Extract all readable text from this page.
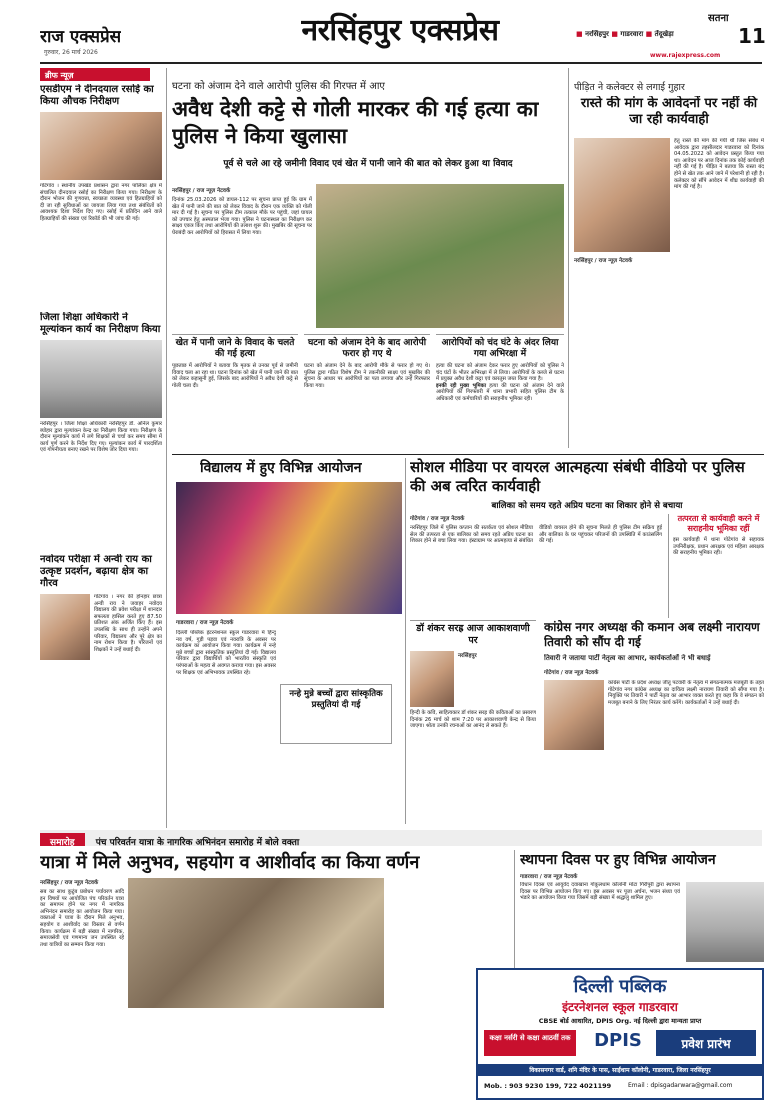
राज एक्सप्रेस
गुरुवार, 26 मार्च 2026
नरसिंहपुर एक्सप्रेस	सतना
■ नरसिंहपुर ■ गाडरवारा ■ तेंदूखेड़ा	11
www.rajexpress.com
ब्रीफ न्यूज़
एसडीएम ने दीनदयाल रसोई का किया औचक निरीक्षण
गोटेगांव । स्थानीय उपखंड प्रशासन द्वारा नगर पालिका क्षेत्र में संचालित दीनदयाल रसोई का निरीक्षण किया गया। निरीक्षण के दौरान भोजन की गुणवत्ता, स्वच्छता व्यवस्था एवं हितग्राहियों को दी जा रही सुविधाओं का जायजा लिया गया तथा संबंधितों को आवश्यक दिशा निर्देश दिए गए। रसोई में प्रतिदिन आने वाले हितग्राहियों की संख्या एवं रिकॉर्ड की भी जांच की गई।
जिला शिक्षा अधिकारी ने मूल्यांकन कार्य का निरीक्षण किया
नरसिंहपुर । जिला शिक्षा अधिकारी नरसिंहपुर डॉ. अनिल कुमार ब्योहार द्वारा मूल्यांकन केन्द्र का निरीक्षण किया गया। निरीक्षण के दौरान मूल्यांकन कार्य में लगे शिक्षकों से चर्चा कर समय सीमा में कार्य पूर्ण करने के निर्देश दिए गए। मूल्यांकन कार्य में पारदर्शिता एवं गोपनीयता बनाए रखने पर विशेष जोर दिया गया।
नवोदय परीक्षा में अन्वी राय का उत्कृष्ट प्रदर्शन, बढ़ाया क्षेत्र का गौरव
गोटेगांव । नगर की होनहार छात्रा अन्वी राय ने जवाहर नवोदय विद्यालय की प्रवेश परीक्षा में शानदार सफलता हासिल करते हुए 87.50 प्रतिशत अंक अर्जित किए हैं। इस उपलब्धि के साथ ही उन्होंने अपने परिवार, विद्यालय और पूरे क्षेत्र का नाम रोशन किया है। परिजनों एवं शिक्षकों ने उन्हें बधाई दी।
घटना को अंजाम देने वाले आरोपी पुलिस की गिरफ्त में आए
अवैध देशी कट्टे से गोली मारकर की गई हत्या का पुलिस ने किया खुलासा
पूर्व से चले आ रहे जमीनी विवाद एवं खेत में पानी जाने की बात को लेकर हुआ था विवाद
नरसिंहपुर / राज न्यूज़ नेटवर्क
दिनांक 25.03.2026 को डायल-112 पर सूचना प्राप्त हुई कि ग्राम में खेत में पानी जाने की बात को लेकर विवाद के दौरान एक व्यक्ति को गोली मार दी गई है। सूचना पर पुलिस टीम तत्काल मौके पर पहुंची, जहां घायल को उपचार हेतु अस्पताल भेजा गया। पुलिस ने घटनास्थल का निरीक्षण कर साक्ष्य एकत्र किए तथा आरोपियों की तलाश शुरू की। मुखबिर की सूचना पर घेराबंदी कर आरोपियों को हिरासत में लिया गया।
खेत में पानी जाने के विवाद के चलते की गई हत्या
पूछताछ में आरोपियों ने बताया कि मृतक से उनका पूर्व से जमीनी विवाद चला आ रहा था। घटना दिनांक को खेत में पानी जाने की बात को लेकर कहासुनी हुई, जिसके बाद आरोपियों ने अवैध देशी कट्टे से गोली चला दी।
घटना को अंजाम देने के बाद आरोपी फरार हो गए थे
घटना को अंजाम देने के बाद आरोपी मौके से फरार हो गए थे। पुलिस द्वारा गठित विशेष टीम ने तकनीकी साक्ष्य एवं मुखबिर की सूचना के आधार पर आरोपियों का पता लगाया और उन्हें गिरफ्तार किया गया।
आरोपियों को चंद घंटे के अंदर लिया गया अभिरक्षा में
हत्या की घटना को अंजाम देकर फरार हुए आरोपियों को पुलिस ने चंद घंटों के भीतर अभिरक्षा में ले लिया। आरोपियों के कब्जे से घटना में प्रयुक्त अवैध देशी कट्टा एवं कारतूस जब्त किया गया है।
इनकी रही मुख्य भूमिका हत्या की घटना को अंजाम देने वाले आरोपियों की गिरफ्तारी में थाना प्रभारी सहित पुलिस टीम के अधिकारी एवं कर्मचारियों की सराहनीय भूमिका रही।
पीड़ित ने कलेक्टर से लगाई गुहार
रास्ते की मांग के आवेदनों पर नहीं की जा रही कार्यवाही
नरसिंहपुर / राज न्यूज़ नेटवर्क
हेतु रास्ते की मांग की गयी थी जिस संबंध में आवेदक द्वारा तहसीलदार गाडरवारा को दिनांक 04.05.2022 को आवेदन प्रस्तुत किया गया था। आवेदन पर आज दिनांक तक कोई कार्यवाही नहीं की गई है। पीड़ित ने बताया कि रास्ता बंद होने से खेत तक आने जाने में परेशानी हो रही है। कलेक्टर को सौंपे आवेदन में शीघ्र कार्यवाही की मांग की गई है।
विद्यालय में हुए विभिन्न आयोजन
गाडरवारा / राज न्यूज़ नेटवर्क
दिल्ली पब्लिक इंटरनेशनल स्कूल गाडरवारा में हिन्दू नव वर्ष, गुड़ी पड़वा एवं नवरात्रि के अवसर पर कार्यक्रम का आयोजन किया गया। कार्यक्रम में नन्हे मुन्ने बच्चों द्वारा सांस्कृतिक प्रस्तुतियां दी गई। विद्यालय परिवार द्वारा विद्यार्थियों को भारतीय संस्कृति एवं परंपराओं के महत्व से अवगत कराया गया। इस अवसर पर शिक्षक एवं अभिभावक उपस्थित रहे।
नन्हे मुन्ने बच्चों द्वारा सांस्कृतिक प्रस्तुतियां दी गई
सोशल मीडिया पर वायरल आत्महत्या संबंधी वीडियो पर पुलिस की अब त्वरित कार्यवाही
बालिका को समय रहते अप्रिय घटना का शिकार होने से बचाया
गोटेगांव / राज न्यूज़ नेटवर्क
नरसिंहपुर जिले में पुलिस कप्तान की सतर्कता एवं सोशल मीडिया सेल की तत्परता से एक बालिका को समय रहते अप्रिय घटना का शिकार होने से बचा लिया गया। इंस्टाग्राम पर आत्महत्या से संबंधित वीडियो वायरल होने की सूचना मिलते ही पुलिस टीम सक्रिय हुई और बालिका के घर पहुंचकर परिजनों की उपस्थिति में काउंसलिंग की गई।
तत्परता से कार्यवाही करने में सराहनीय भूमिका रहीं
इस कार्यवाही में थाना गोटेगांव से सहायक उपनिरीक्षक, प्रधान आरक्षक एवं महिला आरक्षक की सराहनीय भूमिका रही।
डॉ शंकर सरह्र आज आकाशवाणी पर
नरसिंहपुर
हिन्दी के कवि, साहित्यकार डॉ शंकर सरह्र की कविताओं का प्रसारण दिनांक 26 मार्च को शाम 7:20 पर आकाशवाणी केन्द्र से किया जाएगा। श्रोता उनकी रचनाओं का आनंद ले सकते हैं।
कांग्रेस नगर अध्यक्ष की कमान अब लक्ष्मी नारायण तिवारी को सौंप दी गई
तिवारी ने जताया पार्टी नेतृत्व का आभार, कार्यकर्ताओं ने भी बधाई
गोटेगांव / राज न्यूज़ नेटवर्क
कांग्रेस पार्टी के प्रदेश अध्यक्ष जीतू पटवारी के नेतृत्व में संगठनात्मक मजबूती के तहत गोटेगांव नगर कांग्रेस अध्यक्ष का दायित्व लक्ष्मी नारायण तिवारी को सौंपा गया है। नियुक्ति पर तिवारी ने पार्टी नेतृत्व का आभार व्यक्त करते हुए कहा कि वे संगठन को मजबूत बनाने के लिए निरंतर कार्य करेंगे। कार्यकर्ताओं ने उन्हें बधाई दी।
समारोह पंच परिवर्तन यात्रा के नागरिक अभिनंदन समारोह में बोले वक्ता
यात्रा में मिले अनुभव, सहयोग व आशीर्वाद का किया वर्णन
नरसिंहपुर / राज न्यूज़ नेटवर्क
सब का साथ कुटुंब प्रबोधन पर्यावरण आदि इन विषयों पर आयोजित पंच परिवर्तन यात्रा का समापन होने पर नगर में नागरिक अभिनंदन समारोह का आयोजन किया गया। वक्ताओं ने यात्रा के दौरान मिले अनुभव, सहयोग व आशीर्वाद का विस्तार से वर्णन किया। कार्यक्रम में बड़ी संख्या में नागरिक, समाजसेवी एवं गणमान्य जन उपस्थित रहे तथा यात्रियों का सम्मान किया गया।

स्थापना दिवस पर हुए विभिन्न आयोजन
गाडरवारा / राज न्यूज़ नेटवर्क
विधान दिवस एवं आयुर्वेद दवाखाना गोकुलधाम कॉलोनी मोटा गिरीपुरी द्वारा स्थापना दिवस पर विभिन्न आयोजन किए गए। इस अवसर पर पूजा अर्चना, भजन संध्या एवं भंडारे का आयोजन किया गया जिसमें बड़ी संख्या में श्रद्धालु शामिल हुए।
दिल्ली पब्लिक
इंटरनेशनल स्कूल गाडरवारा
CBSE बोर्ड आधारित, DPIS Org. नई दिल्ली द्वारा मान्यता प्राप्त
कक्षा नर्सरी से कक्षा आठवीं तक	DPIS	प्रवेश प्रारंभ
विकासनगर वार्ड, शनि मंदिर के पास, साईंधाम कॉलोनी, गाडरवारा, जिला नरसिंहपुर
Mob. : 903 9230 199, 722 4021199	Email : dpisgadarwara@gmail.com
